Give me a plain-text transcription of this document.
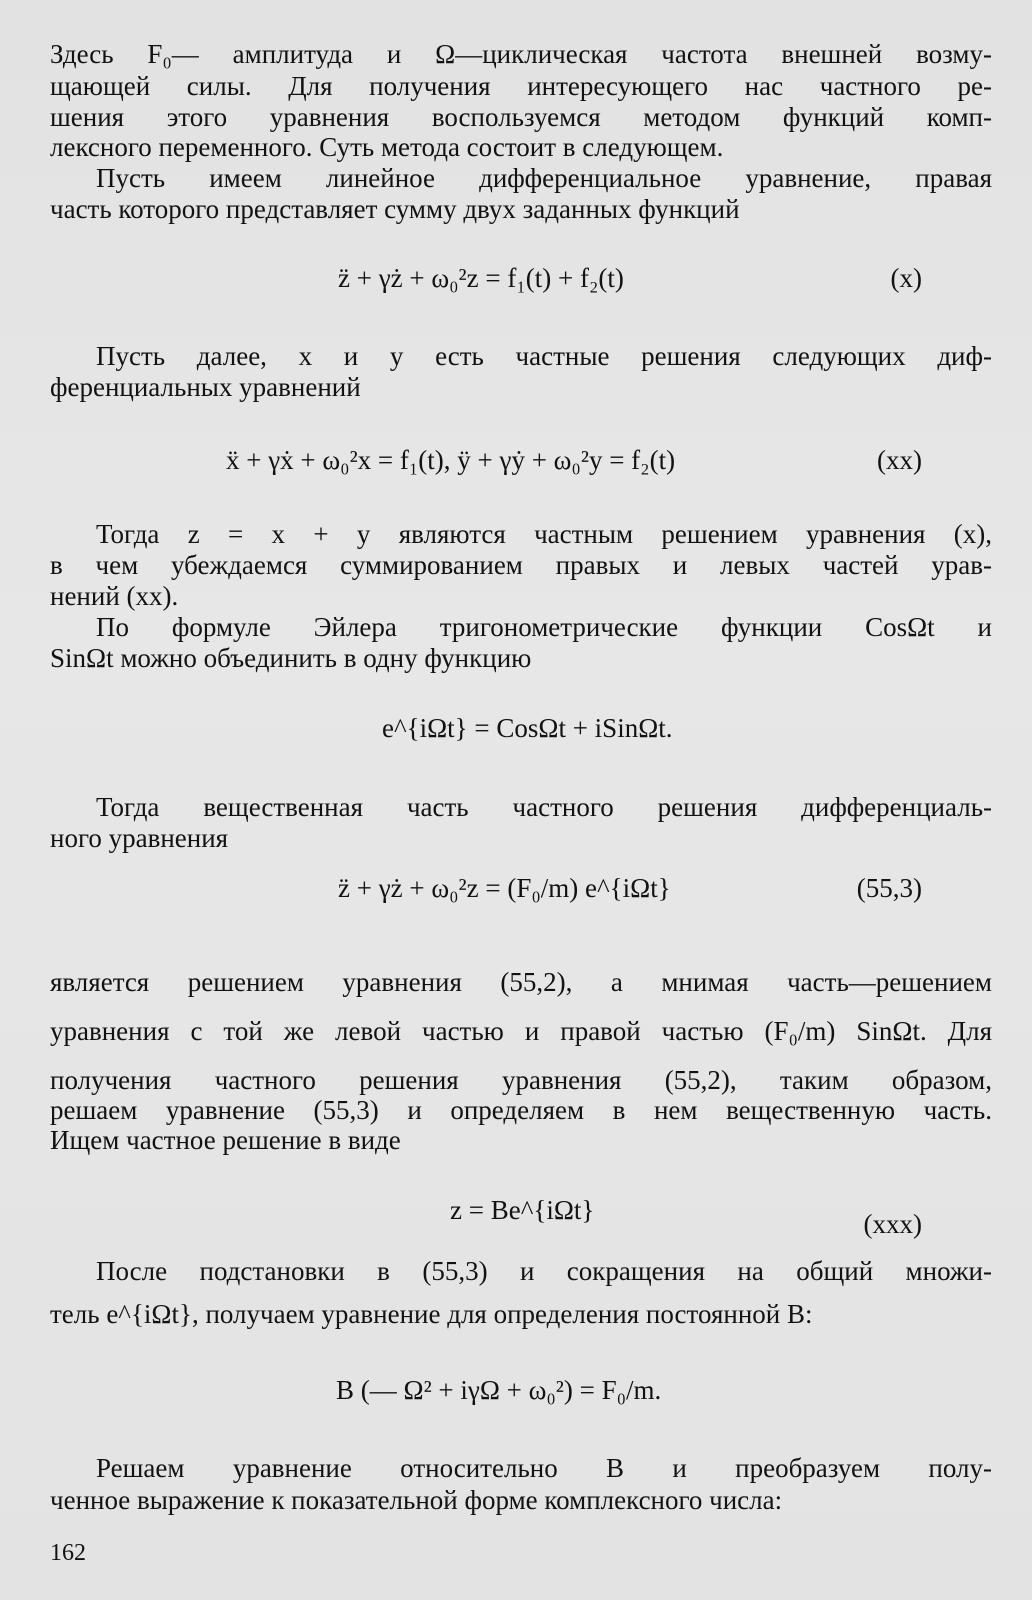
Здесь F₀— амплитуда и Ω—циклическая частота внешней возму-
щающей силы. Для получения интересующего нас частного ре-
шения этого уравнения воспользуемся методом функций комп-
лексного переменного. Суть метода состоит в следующем.
Пусть имеем линейное дифференциальное уравнение, правая
часть которого представляет сумму двух заданных функций
z̈ + γż + ω₀²z = f₁(t) + f₂(t)	(x)
Пусть далее, x и y есть частные решения следующих диф-
ференциальных уравнений
ẍ + γẋ + ω₀²x = f₁(t), ÿ + γẏ + ω₀²y = f₂(t)	(xx)
Тогда z = x + y являются частным решением уравнения (x),
в чем убеждаемся суммированием правых и левых частей урав-
нений (xx).
По формуле Эйлера тригонометрические функции CosΩt и
SinΩt можно объединить в одну функцию
e^{iΩt} = CosΩt + iSinΩt.
Тогда вещественная часть частного решения дифференциаль-
ного уравнения
z̈ + γż + ω₀²z = (F₀/m) e^{iΩt}	(55,3)
является решением уравнения (55,2), а мнимая часть—решением
уравнения с той же левой частью и правой частью (F₀/m) SinΩt. Для
получения частного решения уравнения (55,2), таким образом,
решаем уравнение (55,3) и определяем в нем вещественную часть.
Ищем частное решение в виде
z = Be^{iΩt}	(xxx)
После подстановки в (55,3) и сокращения на общий множи-
тель e^{iΩt}, получаем уравнение для определения постоянной B:
B (— Ω² + iγΩ + ω₀²) = F₀/m.
Решаем уравнение относительно B и преобразуем полу-
ченное выражение к показательной форме комплексного числа:
162
